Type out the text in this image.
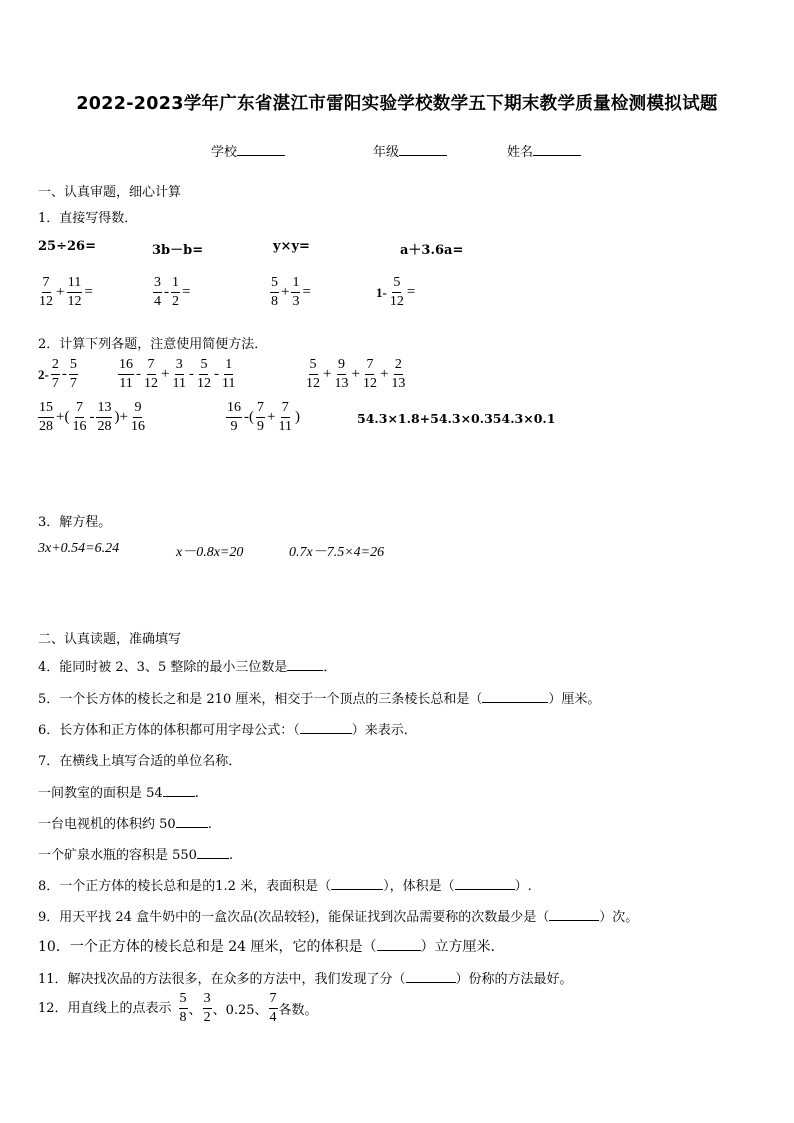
2022-2023学年广东省湛江市雷阳实验学校数学五下期末教学质量检测模拟试题
学校	年级	姓名
一、认真审题，细心计算
1．直接写得数．
25÷26=	3b－b=	y×y=	a＋3.6a=
$\frac{7}{12} + \frac{11}{12}$ =	$\frac{3}{4} - \frac{1}{2}$ =	$\frac{5}{8} + \frac{1}{3}$ =	$1- \frac{5}{12}$ =
2．计算下列各题，注意使用简便方法．
$2- \frac{2}{7} - \frac{5}{7}$	$\frac{16}{11} - \frac{7}{12} + \frac{3}{11} - \frac{5}{12} - \frac{1}{11}$	$\frac{5}{12} + \frac{9}{13} + \frac{7}{12} + \frac{2}{13}$
$\frac{15}{28}$ +( $\frac{7}{16} - \frac{13}{28}$ )+ $\frac{9}{16}$	$\frac{16}{9}$ -( $\frac{7}{9} + \frac{7}{11}$ )	54.3×1.8+54.3×0.354.3×0.1
3．解方程。
3x+0.54=6.24	x－0.8x=20	0.7x－7.5×4=26
二、认真读题，准确填写
4．能同时被 2、3、5 整除的最小三位数是	．
5．一个长方体的棱长之和是 210 厘米，相交于一个顶点的三条棱长总和是（	）厘米。
6．长方体和正方体的体积都可用字母公式：（	）来表示．
7．在横线上填写合适的单位名称．
一间教室的面积是 54 .
一台电视机的体积约 50 .
一个矿泉水瓶的容积是 550 .
8．一个正方体的棱长总和是的1.2 米，表面积是（	），体积是（	）.
9．用天平找 24 盒牛奶中的一盒次品(次品较轻)，能保证找到次品需要称的次数最少是（	）次。
10．一个正方体的棱长总和是 24 厘米，它的体积是（	）立方厘米.
11．解决找次品的方法很多，在众多的方法中，我们发现了分（	）份称的方法最好。
12．用直线上的点表示 $\frac{5}{8}$ 、 $\frac{3}{2}$ 、0.25、 $\frac{7}{4}$ 各数。
